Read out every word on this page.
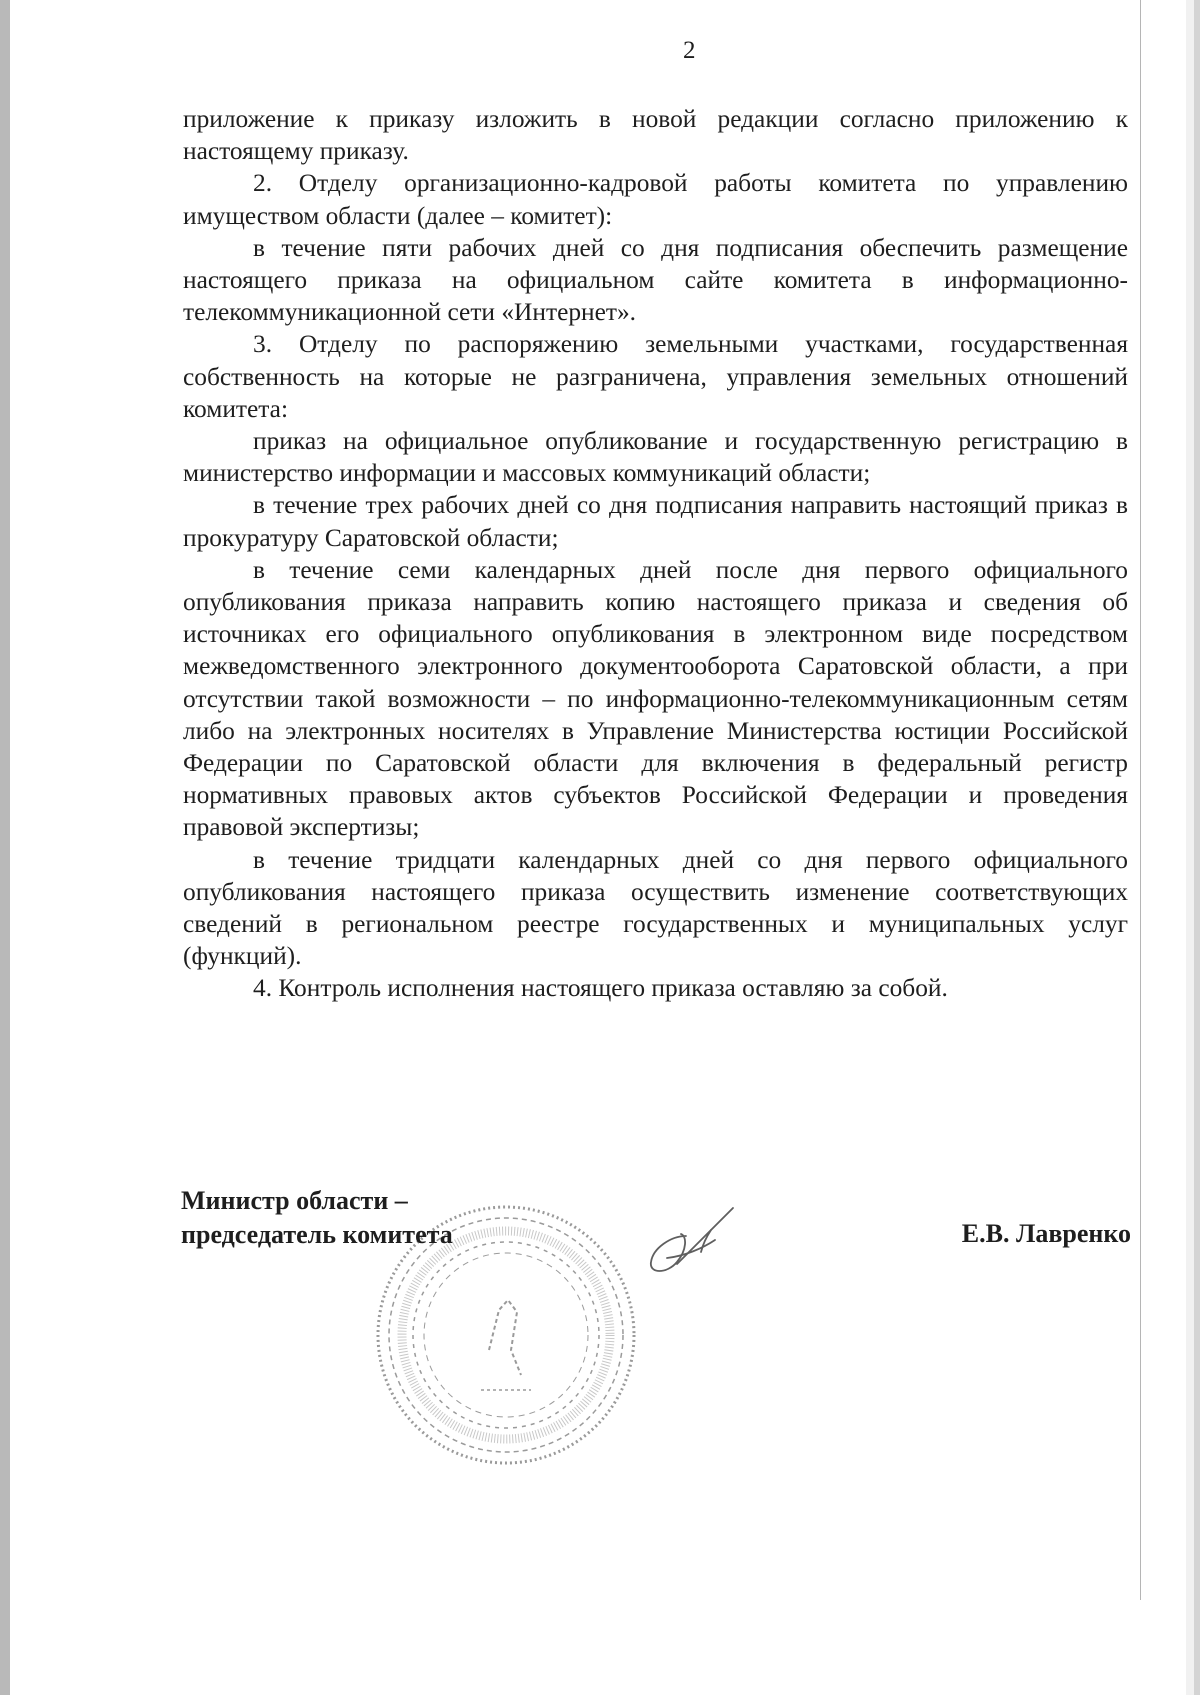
2

приложение к приказу изложить в новой редакции согласно приложению к настоящему приказу.

2. Отделу организационно-кадровой работы комитета по управлению имуществом области (далее – комитет):

в течение пяти рабочих дней со дня подписания обеспечить размещение настоящего приказа на официальном сайте комитета в информационно-телекоммуникационной сети «Интернет».

3. Отделу по распоряжению земельными участками, государственная собственность на которые не разграничена, управления земельных отношений комитета:

приказ на официальное опубликование и государственную регистрацию в министерство информации и массовых коммуникаций области;

в течение трех рабочих дней со дня подписания направить настоящий приказ в прокуратуру Саратовской области;

в течение семи календарных дней после дня первого официального опубликования приказа направить копию настоящего приказа и сведения об источниках его официального опубликования в электронном виде посредством межведомственного электронного документооборота Саратовской области, а при отсутствии такой возможности – по информационно-телекоммуникационным сетям либо на электронных носителях в Управление Министерства юстиции Российской Федерации по Саратовской области для включения в федеральный регистр нормативных правовых актов субъектов Российской Федерации и проведения правовой экспертизы;

в течение тридцати календарных дней со дня первого официального опубликования настоящего приказа осуществить изменение соответствующих сведений в региональном реестре государственных и муниципальных услуг (функций).

4. Контроль исполнения настоящего приказа оставляю за собой.

Министр области –
председатель комитета	Е.В. Лавренко
